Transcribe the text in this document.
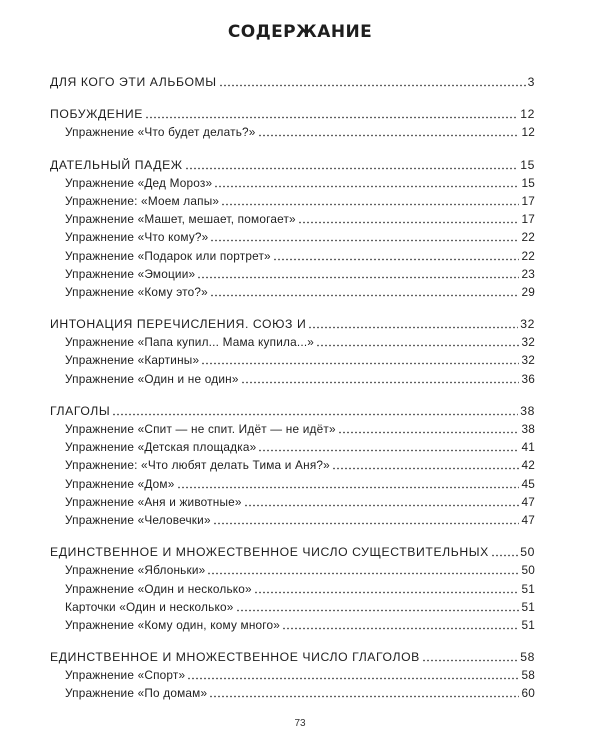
СОДЕРЖАНИЕ
ДЛЯ КОГО ЭТИ АЛЬБОМЫ	3
ПОБУЖДЕНИЕ	12
Упражнение «Что будет делать?»	12
ДАТЕЛЬНЫЙ ПАДЕЖ	15
Упражнение «Дед Мороз»	15
Упражнение: «Моем лапы»	17
Упражнение «Машет, мешает, помогает»	17
Упражнение «Что кому?»	22
Упражнение «Подарок или портрет»	22
Упражнение «Эмоции»	23
Упражнение «Кому это?»	29
ИНТОНАЦИЯ ПЕРЕЧИСЛЕНИЯ. СОЮЗ И	32
Упражнение «Папа купил... Мама купила...»	32
Упражнение «Картины»	32
Упражнение «Один и не один»	36
ГЛАГОЛЫ	38
Упражнение «Спит — не спит. Идёт — не идёт»	38
Упражнение «Детская площадка»	41
Упражнение: «Что любят делать Тима и Аня?»	42
Упражнение «Дом»	45
Упражнение «Аня и животные»	47
Упражнение «Человечки»	47
ЕДИНСТВЕННОЕ И МНОЖЕСТВЕННОЕ ЧИСЛО СУЩЕСТВИТЕЛЬНЫХ	50
Упражнение «Яблоньки»	50
Упражнение «Один и несколько»	51
Карточки «Один и несколько»	51
Упражнение «Кому один, кому много»	51
ЕДИНСТВЕННОЕ И МНОЖЕСТВЕННОЕ ЧИСЛО ГЛАГОЛОВ	58
Упражнение «Спорт»	58
Упражнение «По домам»	60
73
